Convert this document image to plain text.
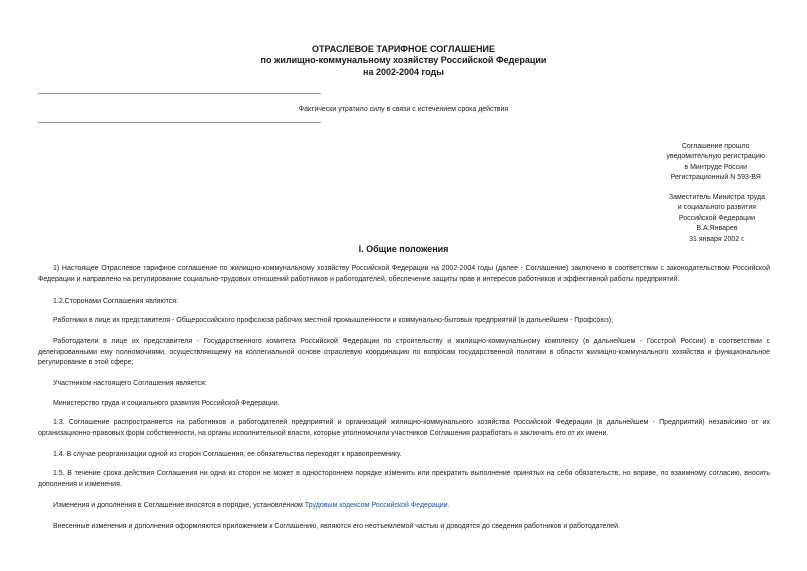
ОТРАСЛЕВОЕ ТАРИФНОЕ СОГЛАШЕНИЕ
по жилищно-коммунальному хозяйству Российской Федерации
на 2002-2004 годы
Фактически утратило силу в связи с истечением срока действия
Соглашение прошло
уведомительную регистрацию
в Минтруде России
Регистрационный N 593-ВЯ
Заместитель Министра труда
и социального развития
Российской Федерации
В.А.Январев
31 января 2002 г.
I. Общие положения
1) Настоящее Отраслевое тарифное соглашение по жилищно-коммунальному хозяйству Российской Федерации на 2002-2004 годы (далее - Соглашение) заключено в соответствии с законодательством Российской Федерации и направлено на регулирование социально-трудовых отношений работников и работодателей, обеспечение защиты прав и интересов работников и эффективной работы предприятий.
1.2.Сторонами Соглашения являются:
Работники в лице их представителя - Общероссийского профсоюза рабочих местной промышленности и коммунально-бытовых предприятий (в дальнейшем - Профсоюз);
Работодатели в лице их представителя - Государственного комитета Российской Федерации по строительству и жилищно-коммунальному комплексу (в дальнейшем - Госстрой России) в соответствии с делегированными ему полномочиями, осуществляющему на коллегиальной основе отраслевую координацию по вопросам государственной политики в области жилищно-коммунального хозяйства и функциональное регулирование в этой сфере;
Участником настоящего Соглашения является:
Министерство труда и социального развития Российской Федерации.
1.3. Соглашение распространяется на работников и работодателей предприятий и организаций жилищно-коммунального хозяйства Российской Федерации (в дальнейшем - Предприятий) независимо от их организационно-правовых форм собственности, на органы исполнительной власти, которые уполномочили участников Соглашения разработать и заключить его от их имени.
1.4. В случае реорганизации одной из сторон Соглашения, ее обязательства переходят к правопреемнику.
1.5. В течение срока действия Соглашения ни одна из сторон не может в одностороннем порядке изменить или прекратить выполнение принятых на себя обязательств, но вправе, по взаимному согласию, вносить дополнения и изменения.
Изменения и дополнения в Соглашение вносятся в порядке, установленном Трудовым кодексом Российской Федерации.
Внесенные изменения и дополнения оформляются приложением к Соглашению, являются его неотъемлемой частью и доводятся до сведения работников и работодателей.
